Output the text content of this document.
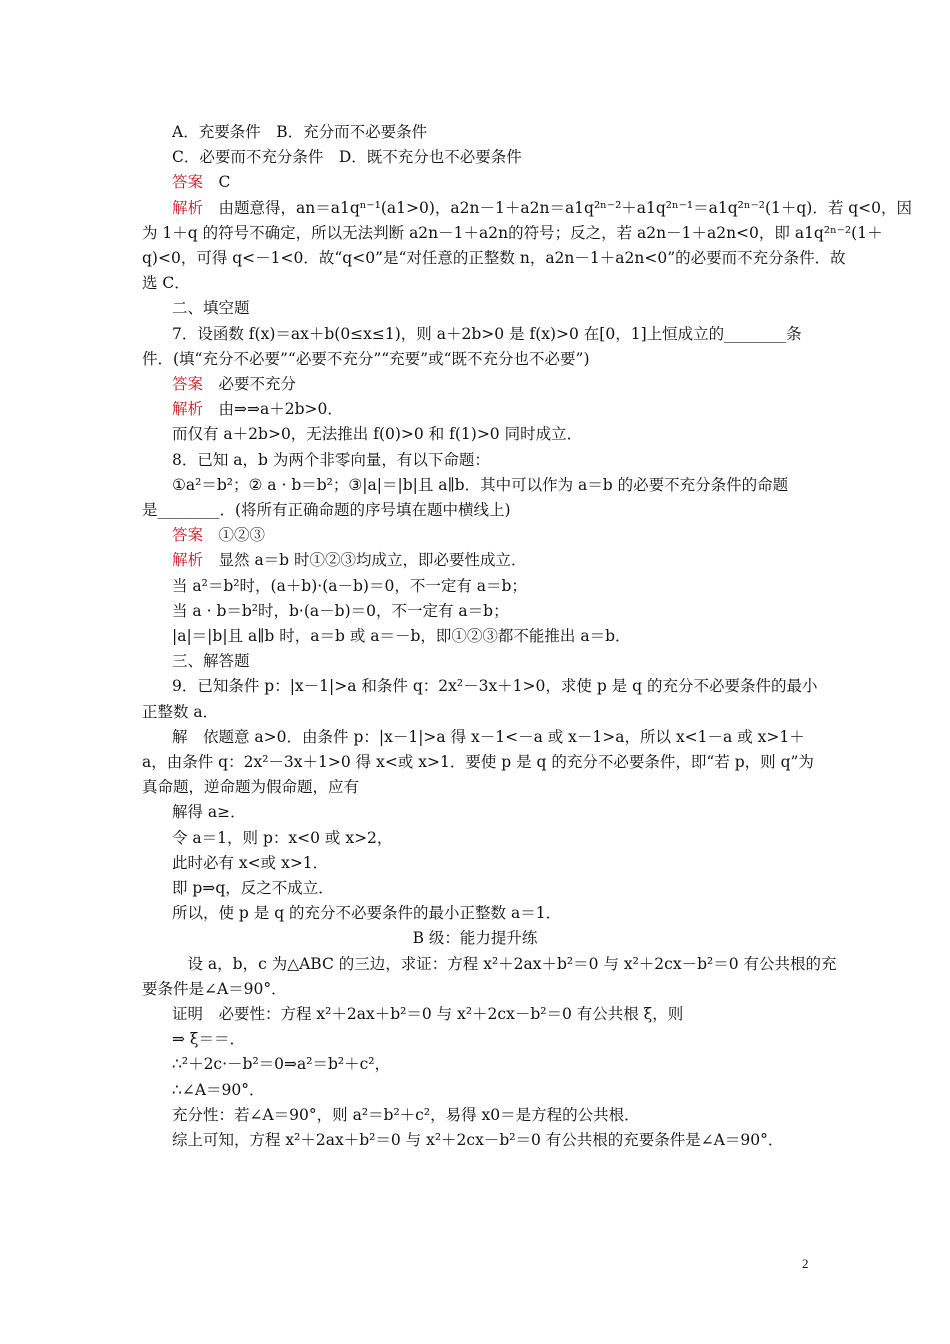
A．充要条件　B．充分而不必要条件
C．必要而不充分条件　D．既不充分也不必要条件
答案　C
解析　由题意得，an＝a1qⁿ⁻¹(a1>0)，a2n－1＋a2n＝a1q²ⁿ⁻²＋a1q²ⁿ⁻¹＝a1q²ⁿ⁻²(1＋q)．若 q<0，因
为 1＋q 的符号不确定，所以无法判断 a2n－1＋a2n的符号；反之，若 a2n－1＋a2n<0，即 a1q²ⁿ⁻²(1＋
q)<0，可得 q<－1<0．故“q<0”是“对任意的正整数 n，a2n－1＋a2n<0”的必要而不充分条件．故
选 C．
二、填空题
7．设函数 f(x)＝ax＋b(0≤x≤1)，则 a＋2b>0 是 f(x)>0 在[0，1]上恒成立的________条
件．(填“充分不必要”“必要不充分”“充要”或“既不充分也不必要”)
答案　必要不充分
解析　由⇒⇒a＋2b>0．
而仅有 a＋2b>0，无法推出 f(0)>0 和 f(1)>0 同时成立．
8．已知 a，b 为两个非零向量，有以下命题：
①a²＝b²；② a · b＝b²；③|a|＝|b|且 a∥b．其中可以作为 a＝b 的必要不充分条件的命题
是________．(将所有正确命题的序号填在题中横线上)
答案　①②③
解析　显然 a＝b 时①②③均成立，即必要性成立．
当 a²＝b²时，(a＋b)·(a－b)＝0，不一定有 a＝b；
当 a · b＝b²时，b·(a－b)＝0，不一定有 a＝b；
|a|＝|b|且 a∥b 时，a＝b 或 a＝－b，即①②③都不能推出 a＝b．
三、解答题
9．已知条件 p：|x－1|>a 和条件 q：2x²－3x＋1>0，求使 p 是 q 的充分不必要条件的最小
正整数 a．
解　依题意 a>0．由条件 p：|x－1|>a 得 x－1<－a 或 x－1>a，所以 x<1－a 或 x>1＋
a，由条件 q：2x²－3x＋1>0 得 x<或 x>1．要使 p 是 q 的充分不必要条件，即“若 p，则 q”为
真命题，逆命题为假命题，应有
解得 a≥．
令 a＝1，则 p：x<0 或 x>2，
此时必有 x<或 x>1．
即 p⇒q，反之不成立．
所以，使 p 是 q 的充分不必要条件的最小正整数 a＝1．
B 级：能力提升练
　设 a，b，c 为△ABC 的三边，求证：方程 x²＋2ax＋b²＝0 与 x²＋2cx－b²＝0 有公共根的充
要条件是∠A＝90°．
证明　必要性：方程 x²＋2ax＋b²＝0 与 x²＋2cx－b²＝0 有公共根 ξ，则
⇒ ξ＝＝．
∴²＋2c·－b²＝0⇒a²＝b²＋c²，
∴∠A＝90°．
充分性：若∠A＝90°，则 a²＝b²＋c²，易得 x0＝是方程的公共根．
综上可知，方程 x²＋2ax＋b²＝0 与 x²＋2cx－b²＝0 有公共根的充要条件是∠A＝90°．
2
